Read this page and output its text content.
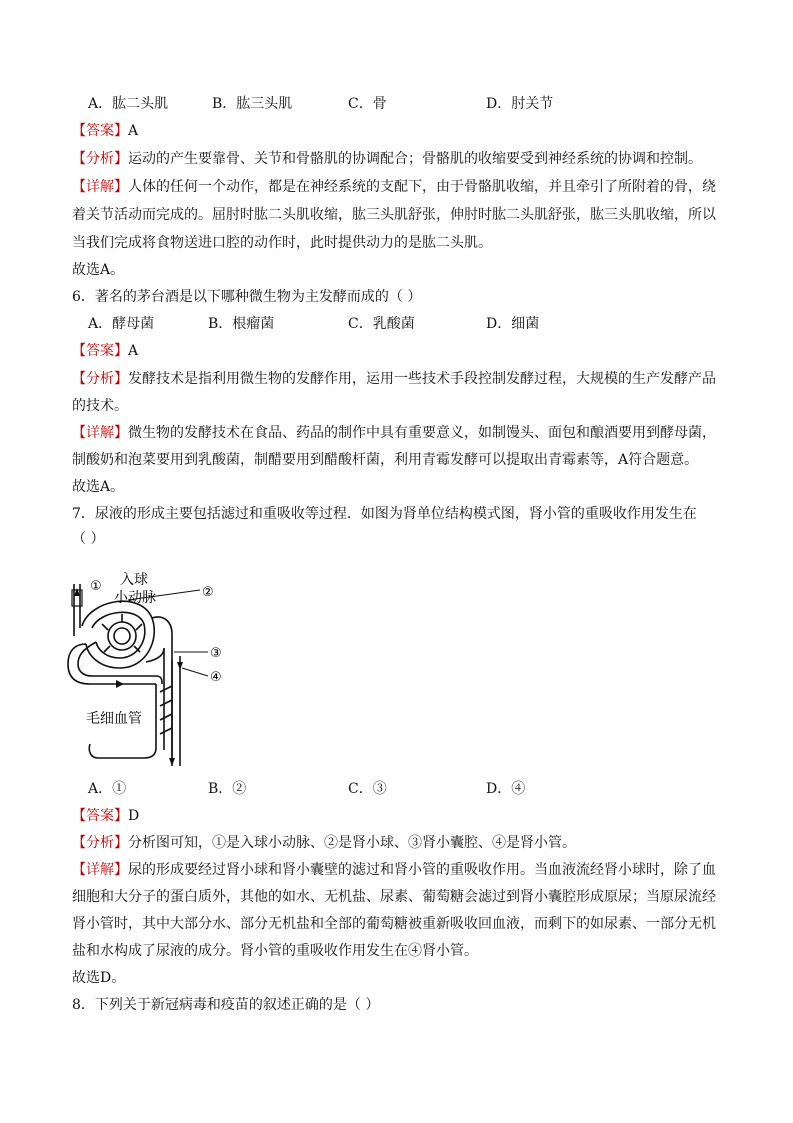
A．肱二头肌	B．肱三头肌	C．骨	D．肘关节
【答案】A
【分析】运动的产生要靠骨、关节和骨骼肌的协调配合；骨骼肌的收缩要受到神经系统的协调和控制。
【详解】人体的任何一个动作，都是在神经系统的支配下，由于骨骼肌收缩，并且牵引了所附着的骨，绕
着关节活动而完成的。屈肘时肱二头肌收缩，肱三头肌舒张，伸肘时肱二头肌舒张，肱三头肌收缩，所以
当我们完成将食物送进口腔的动作时，此时提供动力的是肱二头肌。
故选A。
6．著名的茅台酒是以下哪种微生物为主发酵而成的（ ）
A．酵母菌	B．根瘤菌	C．乳酸菌	D．细菌
【答案】A
【分析】发酵技术是指利用微生物的发酵作用，运用一些技术手段控制发酵过程，大规模的生产发酵产品
的技术。
【详解】微生物的发酵技术在食品、药品的制作中具有重要意义，如制馒头、面包和酿酒要用到酵母菌，
制酸奶和泡菜要用到乳酸菌，制醋要用到醋酸杆菌，利用青霉发酵可以提取出青霉素等，A符合题意。
故选A。
7．尿液的形成主要包括滤过和重吸收等过程．如图为肾单位结构模式图，肾小管的重吸收作用发生在
（ ）
① 入球
小动脉	②
③
④
毛细血管
A．①	B．②	C．③	D．④
【答案】D
【分析】分析图可知，①是入球小动脉、②是肾小球、③肾小囊腔、④是肾小管。
【详解】尿的形成要经过肾小球和肾小囊壁的滤过和肾小管的重吸收作用。当血液流经肾小球时，除了血
细胞和大分子的蛋白质外，其他的如水、无机盐、尿素、葡萄糖会滤过到肾小囊腔形成原尿；当原尿流经
肾小管时，其中大部分水、部分无机盐和全部的葡萄糖被重新吸收回血液，而剩下的如尿素、一部分无机
盐和水构成了尿液的成分。肾小管的重吸收作用发生在④肾小管。
故选D。
8．下列关于新冠病毒和疫苗的叙述正确的是（ ）
